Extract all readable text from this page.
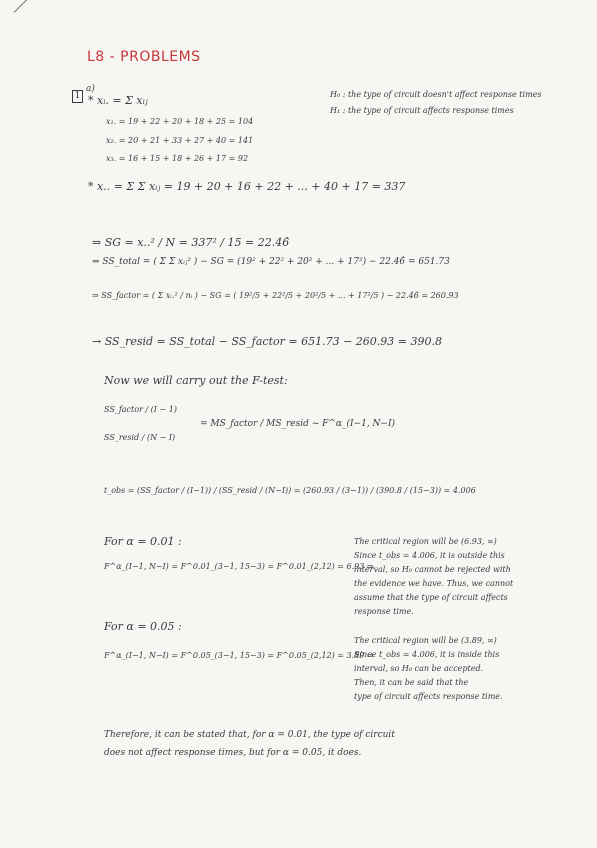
L8 - PROBLEMS
1
a)
* xᵢ. = Σ xᵢⱼ	H₀ : the type of circuit doesn't affect response times
H₁ : the type of circuit affects response times
x₁. = 19 + 22 + 20 + 18 + 25 = 104
x₂. = 20 + 21 + 33 + 27 + 40 = 141
x₃. = 16 + 15 + 18 + 26 + 17 = 92
* x.. = Σ Σ xᵢⱼ = 19 + 20 + 16 + 22 + ... + 40 + 17 = 337
⇒ SG = x..² / N = 337² / 15 = 22.46̂
⇒ SS_total = ( Σ Σ xᵢⱼ² ) − SG = (19² + 22² + 20² + ... + 17²) − 22.46̂ = 651.73
⇒ SS_factor = ( Σ xᵢ.² / nᵢ ) − SG = ( 19²/5 + 22²/5 + 20²/5 + ... + 17²/5 ) − 22.46̂ = 260.93
→ SS_resid = SS_total − SS_factor = 651.73 − 260.93 = 390.8
Now we will carry out the F-test:
SS_factor / (I − 1)
SS_resid / (N − I)
= MS_factor / MS_resid ~ F^α_(I−1, N−I)
t_obs = (SS_factor / (I−1)) / (SS_resid / (N−I)) = (260.93 / (3−1)) / (390.8 / (15−3)) = 4.006
For α = 0.01 :
F^α_(I−1, N−I) = F^0.01_(3−1, 15−3) = F^0.01_(2,12) = 6.93 ⇒
The critical region will be (6.93, ∞)
Since t_obs = 4.006, it is outside this
interval, so H₀ cannot be rejected with
the evidence we have. Thus, we cannot
assume that the type of circuit affects
response time.
For α = 0.05 :
F^α_(I−1, N−I) = F^0.05_(3−1, 15−3) = F^0.05_(2,12) = 3.89 ⇒
The critical region will be (3.89, ∞)
Since t_obs = 4.006, it is inside this
interval, so H₀ can be accepted.
Then, it can be said that the
type of circuit affects response time.
Therefore, it can be stated that, for α = 0.01, the type of circuit
does not affect response times, but for α = 0.05, it does.
